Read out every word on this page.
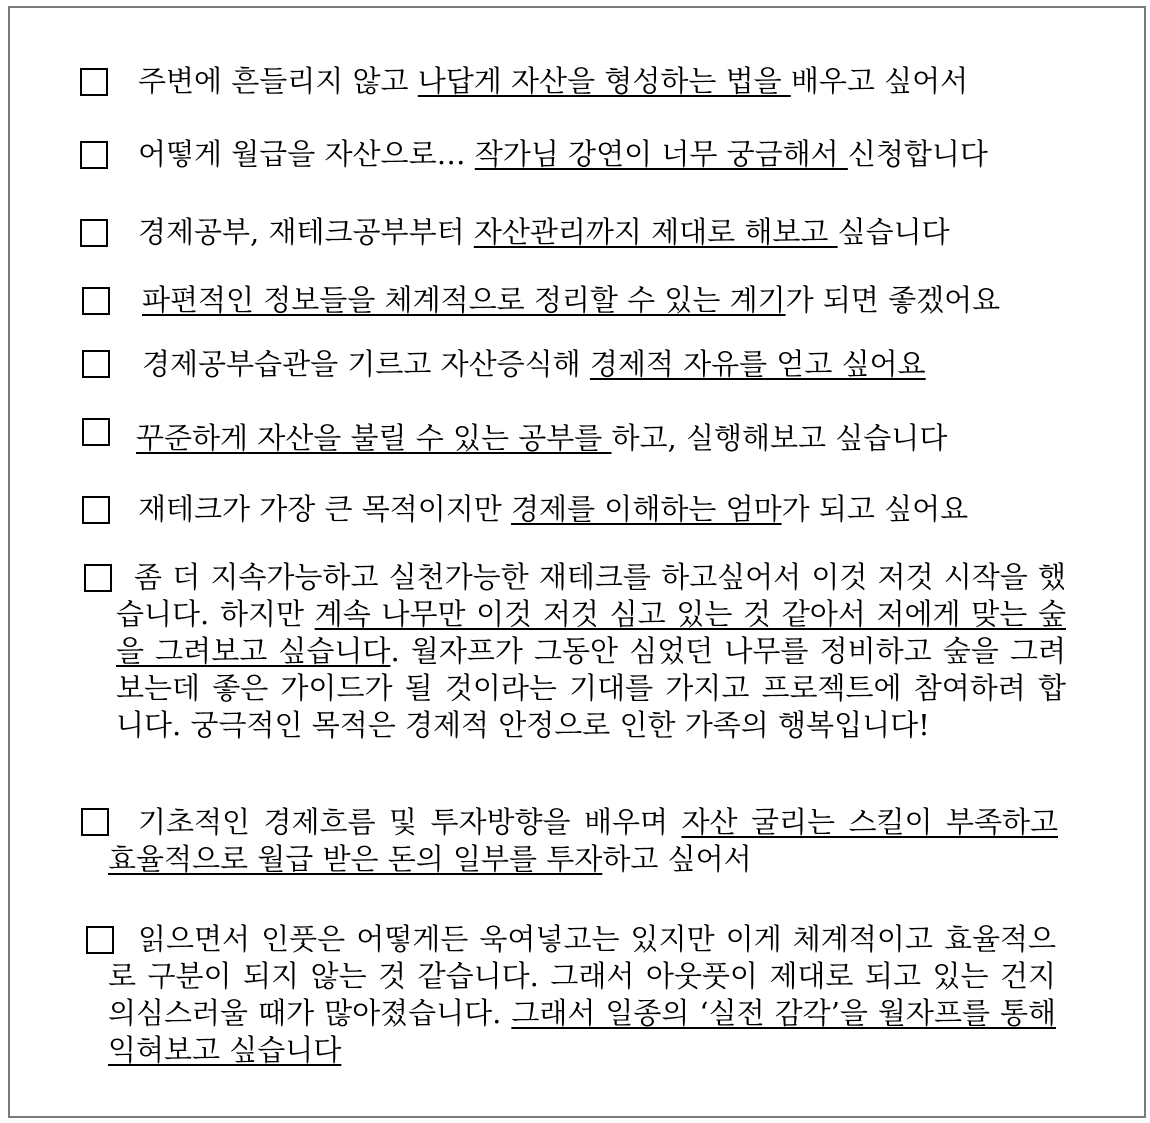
주변에 흔들리지 않고 나답게 자산을 형성하는 법을 배우고 싶어서
어떻게 월급을 자산으로… 작가님 강연이 너무 궁금해서 신청합니다
경제공부, 재테크공부부터 자산관리까지 제대로 해보고 싶습니다
파편적인 정보들을 체계적으로 정리할 수 있는 계기가 되면 좋겠어요
경제공부습관을 기르고 자산증식해 경제적 자유를 얻고 싶어요
꾸준하게 자산을 불릴 수 있는 공부를 하고, 실행해보고 싶습니다
재테크가 가장 큰 목적이지만 경제를 이해하는 엄마가 되고 싶어요
좀 더 지속가능하고 실천가능한 재테크를 하고싶어서 이것 저것 시작을 했습니다. 하지만 계속 나무만 이것 저것 심고 있는 것 같아서 저에게 맞는 숲을 그려보고 싶습니다. 월자프가 그동안 심었던 나무를 정비하고 숲을 그려보는데 좋은 가이드가 될 것이라는 기대를 가지고 프로젝트에 참여하려 합니다. 궁극적인 목적은 경제적 안정으로 인한 가족의 행복입니다!
기초적인 경제흐름 및 투자방향을 배우며 자산 굴리는 스킬이 부족하고 효율적으로 월급 받은 돈의 일부를 투자하고 싶어서
읽으면서 인풋은 어떻게든 욱여넣고는 있지만 이게 체계적이고 효율적으로 구분이 되지 않는 것 같습니다. 그래서 아웃풋이 제대로 되고 있는 건지 의심스러울 때가 많아졌습니다. 그래서 일종의 ‘실전 감각’을 월자프를 통해 익혀보고 싶습니다
